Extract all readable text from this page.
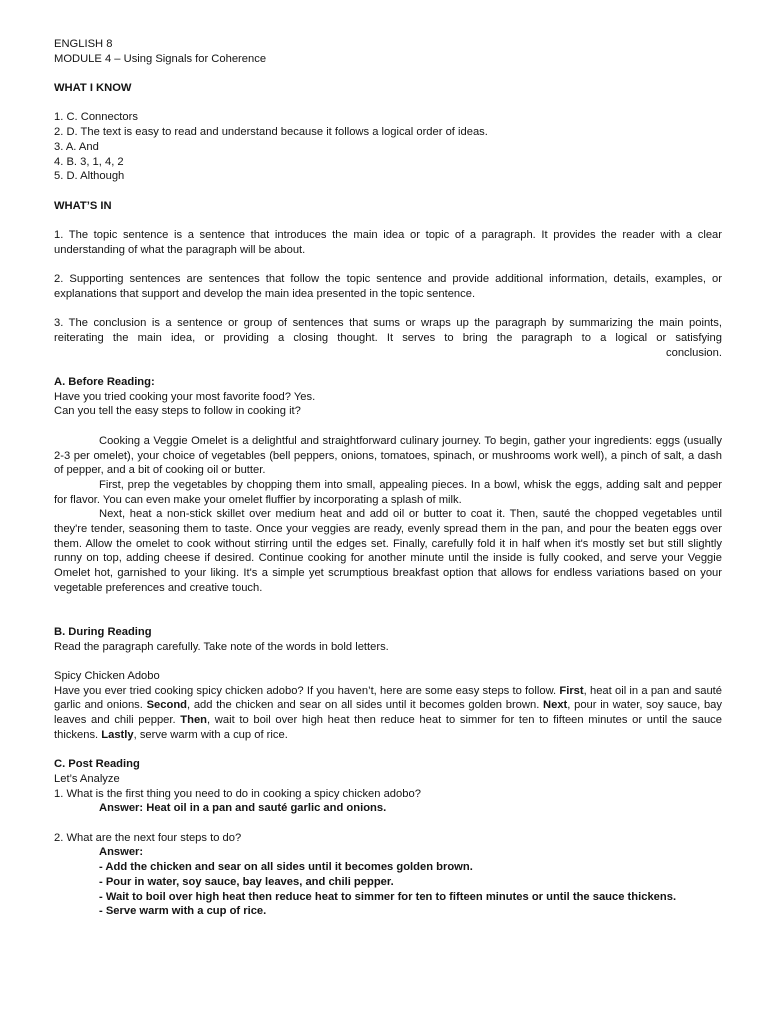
ENGLISH 8
MODULE 4 – Using Signals for Coherence
WHAT I KNOW
1. C. Connectors
2. D. The text is easy to read and understand because it follows a logical order of ideas.
3. A. And
4. B. 3, 1, 4, 2
5. D. Although
WHAT’S IN

1. The topic sentence is a sentence that introduces the main idea or topic of a paragraph. It provides the reader with a clear understanding of what the paragraph will be about.

2. Supporting sentences are sentences that follow the topic sentence and provide additional information, details, examples, or explanations that support and develop the main idea presented in the topic sentence.

3. The conclusion is a sentence or group of sentences that sums or wraps up the paragraph by summarizing the main points, reiterating the main idea, or providing a closing thought. It serves to bring the paragraph to a logical or satisfying

conclusion.

A. Before Reading:
Have you tried cooking your most favorite food? Yes.
Can you tell the easy steps to follow in cooking it?

Cooking a Veggie Omelet is a delightful and straightforward culinary journey. To begin, gather your ingredients: eggs (usually 2-3 per omelet), your choice of vegetables (bell peppers, onions, tomatoes, spinach, or mushrooms work well), a pinch of salt, a dash of pepper, and a bit of cooking oil or butter.

First, prep the vegetables by chopping them into small, appealing pieces. In a bowl, whisk the eggs, adding salt and pepper for flavor. You can even make your omelet fluffier by incorporating a splash of milk.

Next, heat a non-stick skillet over medium heat and add oil or butter to coat it. Then, sauté the chopped vegetables until they're tender, seasoning them to taste. Once your veggies are ready, evenly spread them in the pan, and pour the beaten eggs over them. Allow the omelet to cook without stirring until the edges set. Finally, carefully fold it in half when it's mostly set but still slightly runny on top, adding cheese if desired. Continue cooking for another minute until the inside is fully cooked, and serve your Veggie Omelet hot, garnished to your liking. It's a simple yet scrumptious breakfast option that allows for endless variations based on your vegetable preferences and creative touch.

B. During Reading
Read the paragraph carefully. Take note of the words in bold letters.
Spicy Chicken Adobo

Have you ever tried cooking spicy chicken adobo? If you haven’t, here are some easy steps to follow. First, heat oil in a pan and sauté garlic and onions. Second, add the chicken and sear on all sides until it becomes golden brown. Next, pour in water, soy sauce, bay leaves and chili pepper. Then, wait to boil over high heat then reduce heat to simmer for ten to fifteen minutes or until the sauce thickens. Lastly, serve warm with a cup of rice.

C. Post Reading
Let’s Analyze
1. What is the first thing you need to do in cooking a spicy chicken adobo?
Answer: Heat oil in a pan and sauté garlic and onions.
2. What are the next four steps to do?
Answer:

- Add the chicken and sear on all sides until it becomes golden brown.

- Pour in water, soy sauce, bay leaves, and chili pepper.

- Wait to boil over high heat then reduce heat to simmer for ten to fifteen minutes or until the sauce thickens.

- Serve warm with a cup of rice.
